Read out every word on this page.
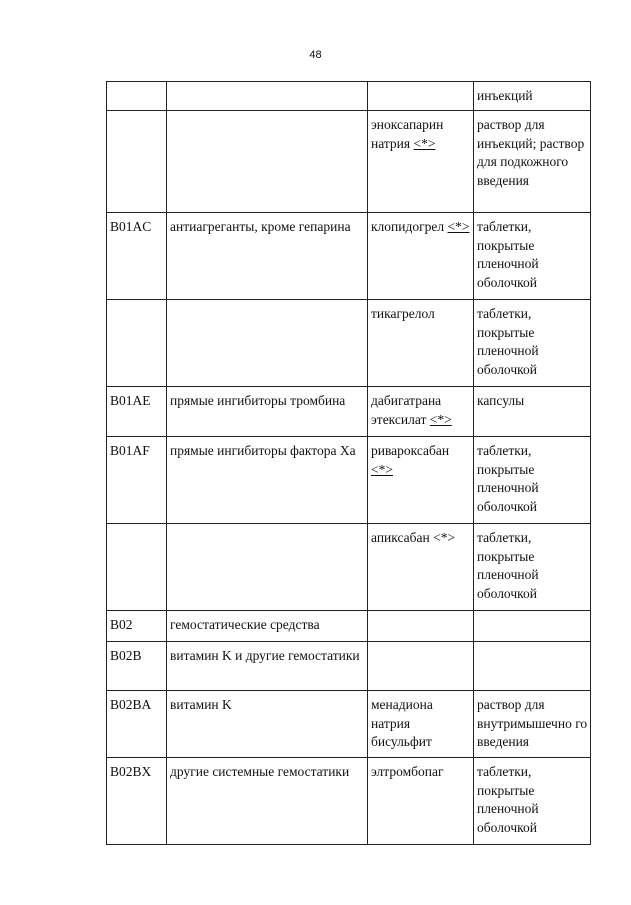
48
			инъекций
		эноксапарин натрия <*>	раствор для инъекций; раствор для подкожного введения
B01AC	антиагреганты, кроме гепарина	клопидогрел <*>	таблетки, покрытые пленочной оболочкой
		тикагрелол	таблетки, покрытые пленочной оболочкой
B01AE	прямые ингибиторы тромбина	дабигатрана этексилат <*>	капсулы
B01AF	прямые ингибиторы фактора Xa	ривароксабан <*>	таблетки, покрытые пленочной оболочкой
		апиксабан <*>	таблетки, покрытые пленочной оболочкой
B02	гемостатические средства		
B02B	витамин K и другие гемостатики		
B02BA	витамин K	менадиона натрия бисульфит	раствор для внутримышечно го введения
B02BX	другие системные гемостатики	элтромбопаг	таблетки, покрытые пленочной оболочкой
